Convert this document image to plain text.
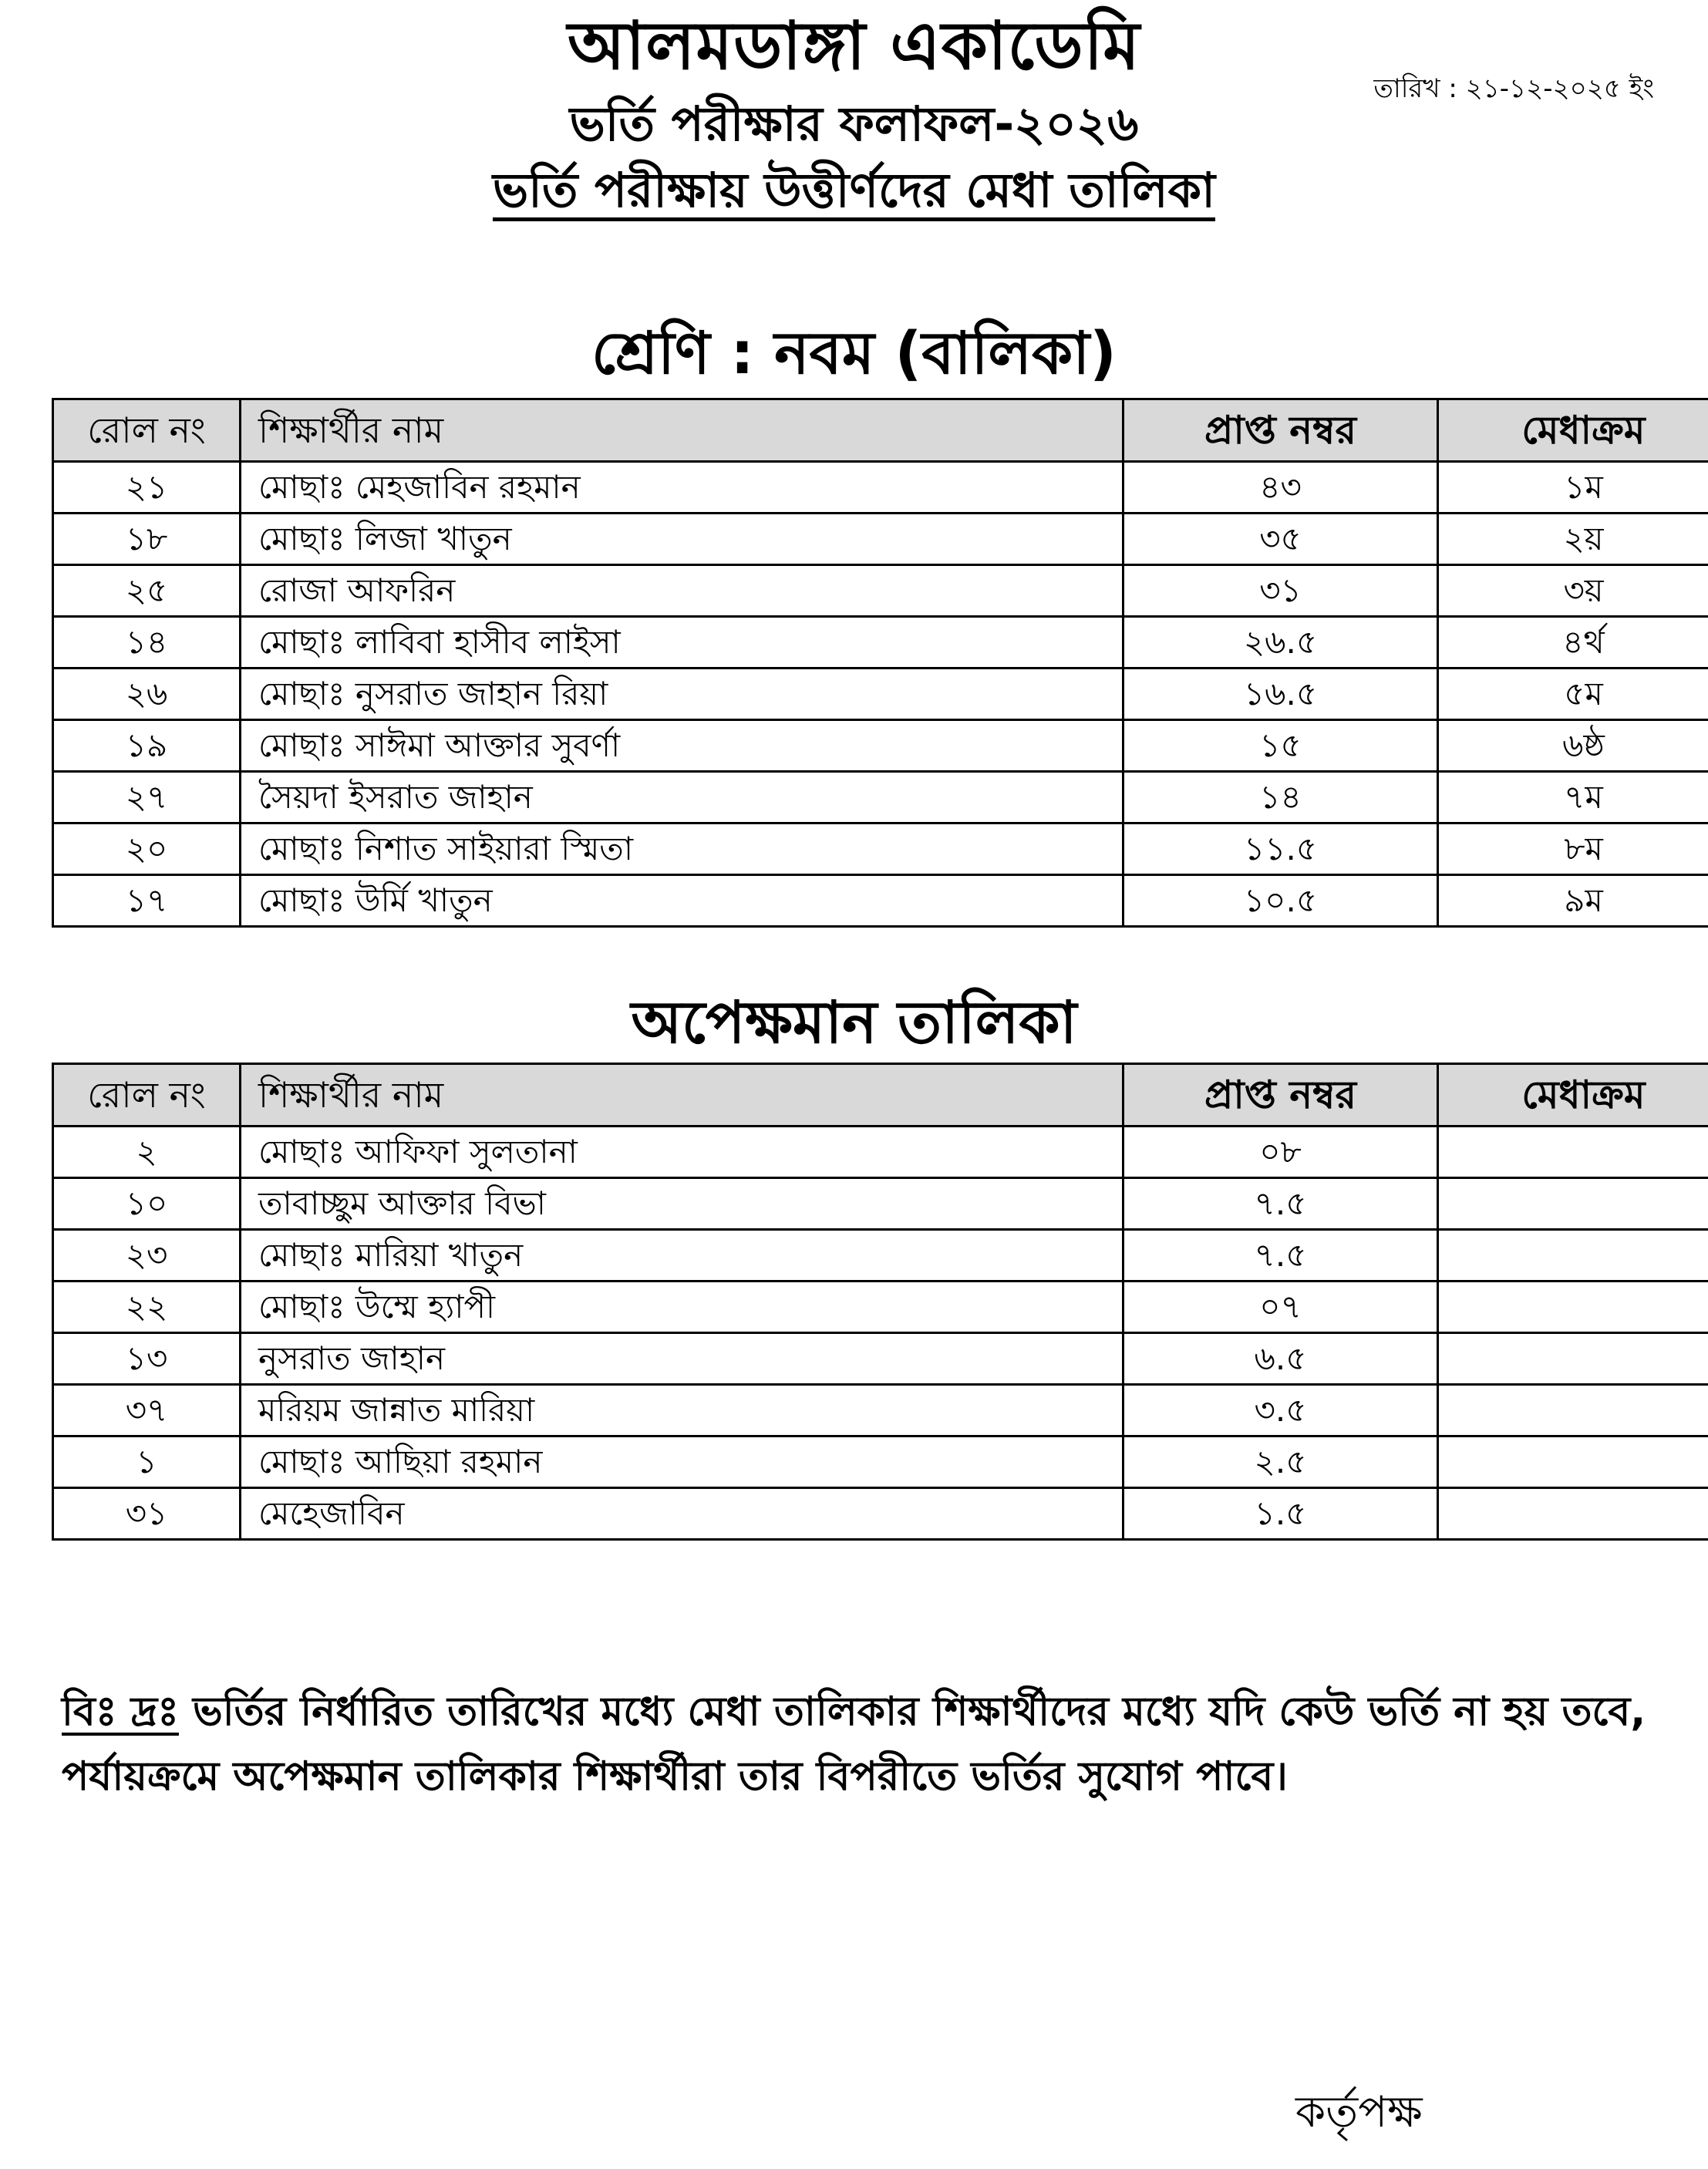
আলমডাঙ্গা একাডেমি
ভর্তি পরীক্ষার ফলাফল-২০২৬
ভর্তি পরীক্ষায় উত্তীর্ণদের মেধা তালিকা
তারিখ : ২১-১২-২০২৫ ইং
শ্রেণি : নবম (বালিকা)
রোল নং	শিক্ষার্থীর নাম	প্রাপ্ত নম্বর	মেধাক্রম
২১	মোছাঃ মেহজাবিন রহমান	৪৩	১ম
১৮	মোছাঃ লিজা খাতুন	৩৫	২য়
২৫	রোজা আফরিন	৩১	৩য়
১৪	মোছাঃ লাবিবা হাসীব লাইসা	২৬.৫	৪র্থ
২৬	মোছাঃ নুসরাত জাহান রিয়া	১৬.৫	৫ম
১৯	মোছাঃ সাঈমা আক্তার সুবর্ণা	১৫	৬ষ্ঠ
২৭	সৈয়দা ইসরাত জাহান	১৪	৭ম
২০	মোছাঃ নিশাত সাইয়ারা স্মিতা	১১.৫	৮ম
১৭	মোছাঃ উর্মি খাতুন	১০.৫	৯ম
অপেক্ষমান তালিকা
রোল নং	শিক্ষার্থীর নাম	প্রাপ্ত নম্বর	মেধাক্রম
২	মোছাঃ আফিফা সুলতানা	০৮	
১০	তাবাচ্ছুম আক্তার বিভা	৭.৫	
২৩	মোছাঃ মারিয়া খাতুন	৭.৫	
২২	মোছাঃ উম্মে হ্যাপী	০৭	
১৩	নুসরাত জাহান	৬.৫	
৩৭	মরিয়ম জান্নাত মারিয়া	৩.৫	
১	মোছাঃ আছিয়া রহমান	২.৫	
৩১	মেহেজাবিন	১.৫	
বিঃ দ্রঃ ভর্তির নির্ধারিত তারিখের মধ্যে মেধা তালিকার শিক্ষার্থীদের মধ্যে যদি কেউ ভর্তি না হয় তবে, পর্যায়ক্রমে অপেক্ষমান তালিকার শিক্ষার্থীরা তার বিপরীতে ভর্তির সুযোগ পাবে।
কর্তৃপক্ষ
